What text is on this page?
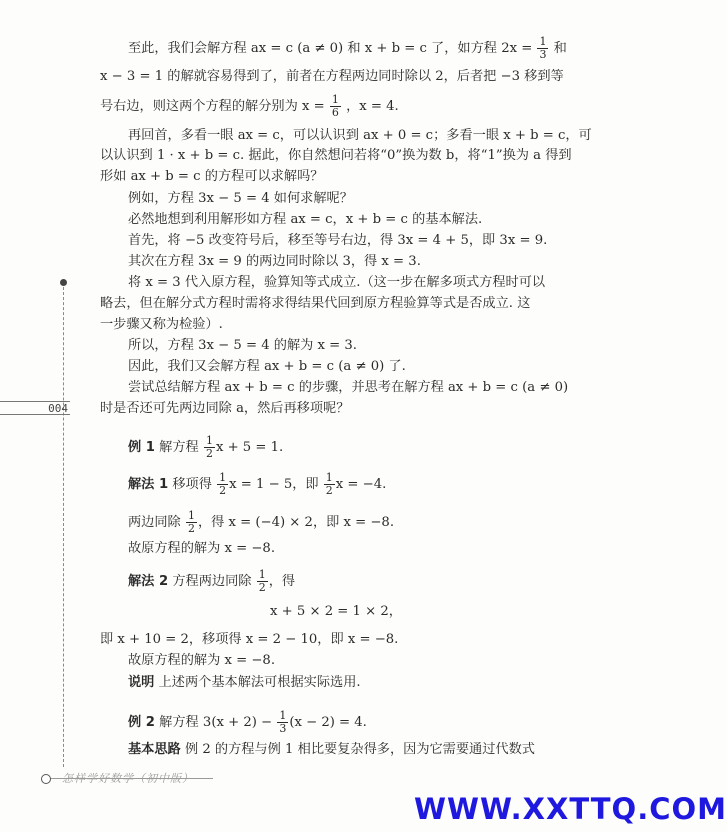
004
至此，我们会解方程 ax = c (a ≠ 0) 和 x + b = c 了，如方程 $2x = \frac{1}{3}$ 和
x − 3 = 1 的解就容易得到了，前者在方程两边同时除以 2，后者把 −3 移到等
号右边，则这两个方程的解分别为 $x = \frac{1}{6}$ ，x = 4.
再回首，多看一眼 ax = c，可以认识到 ax + 0 = c；多看一眼 x + b = c，可
以认识到 1 · x + b = c. 据此，你自然想问若将“0”换为数 b，将“1”换为 a 得到
形如 ax + b = c 的方程可以求解吗？
例如，方程 3x − 5 = 4 如何求解呢？
必然地想到利用解形如方程 ax = c，x + b = c 的基本解法.
首先，将 −5 改变符号后，移至等号右边，得 3x = 4 + 5，即 3x = 9.
其次在方程 3x = 9 的两边同时除以 3，得 x = 3.
将 x = 3 代入原方程，验算知等式成立.（这一步在解多项式方程时可以
略去，但在解分式方程时需将求得结果代回到原方程验算等式是否成立. 这
一步骤又称为检验）.
所以，方程 3x − 5 = 4 的解为 x = 3.
因此，我们又会解方程 ax + b = c (a ≠ 0) 了.
尝试总结解方程 ax + b = c 的步骤，并思考在解方程 ax + b = c (a ≠ 0)
时是否还可先两边同除 a，然后再移项呢？
例 1 解方程 $\frac{1}{2}$ x + 5 = 1.
解法 1 移项得 $\frac{1}{2}$ x = 1 − 5，即 $\frac{1}{2}$ x = −4.
两边同除 $\frac{1}{2}$ ，得 x = (−4) × 2，即 x = −8.
故原方程的解为 x = −8.
解法 2 方程两边同除 $\frac{1}{2}$ ，得
x + 5 × 2 = 1 × 2，
即 x + 10 = 2，移项得 x = 2 − 10，即 x = −8.
故原方程的解为 x = −8.
说明 上述两个基本解法可根据实际选用.
例 2 解方程 $3(x + 2) - \frac{1}{3} (x - 2) = 4$.
基本思路 例 2 的方程与例 1 相比要复杂得多，因为它需要通过代数式
怎样学好数学（初中版）
WWW.XXTTQ.COM
